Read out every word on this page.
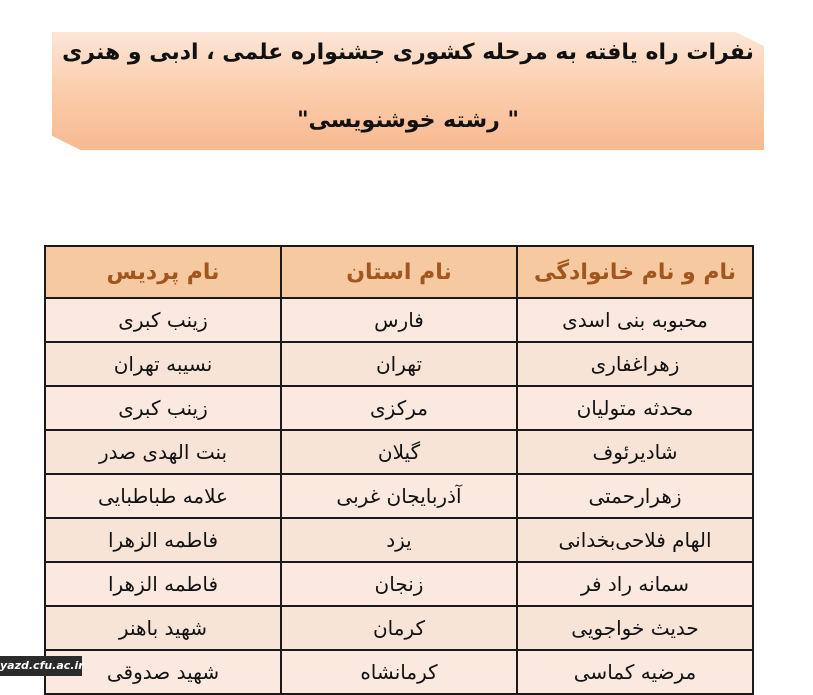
نفرات راه یافته به مرحله کشوری جشنواره علمی ، ادبی و هنری
" رشته خوشنویسی"
نام و نام خانوادگی	نام استان	نام پردیس
محبوبه بنی اسدی	فارس	زینب کبری
زهراغفاری	تهران	نسیبه تهران
محدثه متولیان	مرکزی	زینب کبری
شادیرئوف	گیلان	بنت الهدی صدر
زهرارحمتی	آذربایجان غربی	علامه طباطبایی
الهام فلاحی‌بخدانی	یزد	فاطمه الزهرا
سمانه راد فر	زنجان	فاطمه الزهرا
حدیث خواجویی	کرمان	شهید باهنر
مرضیه کماسی	کرمانشاه	شهید صدوقی
yazd.cfu.ac.ir
